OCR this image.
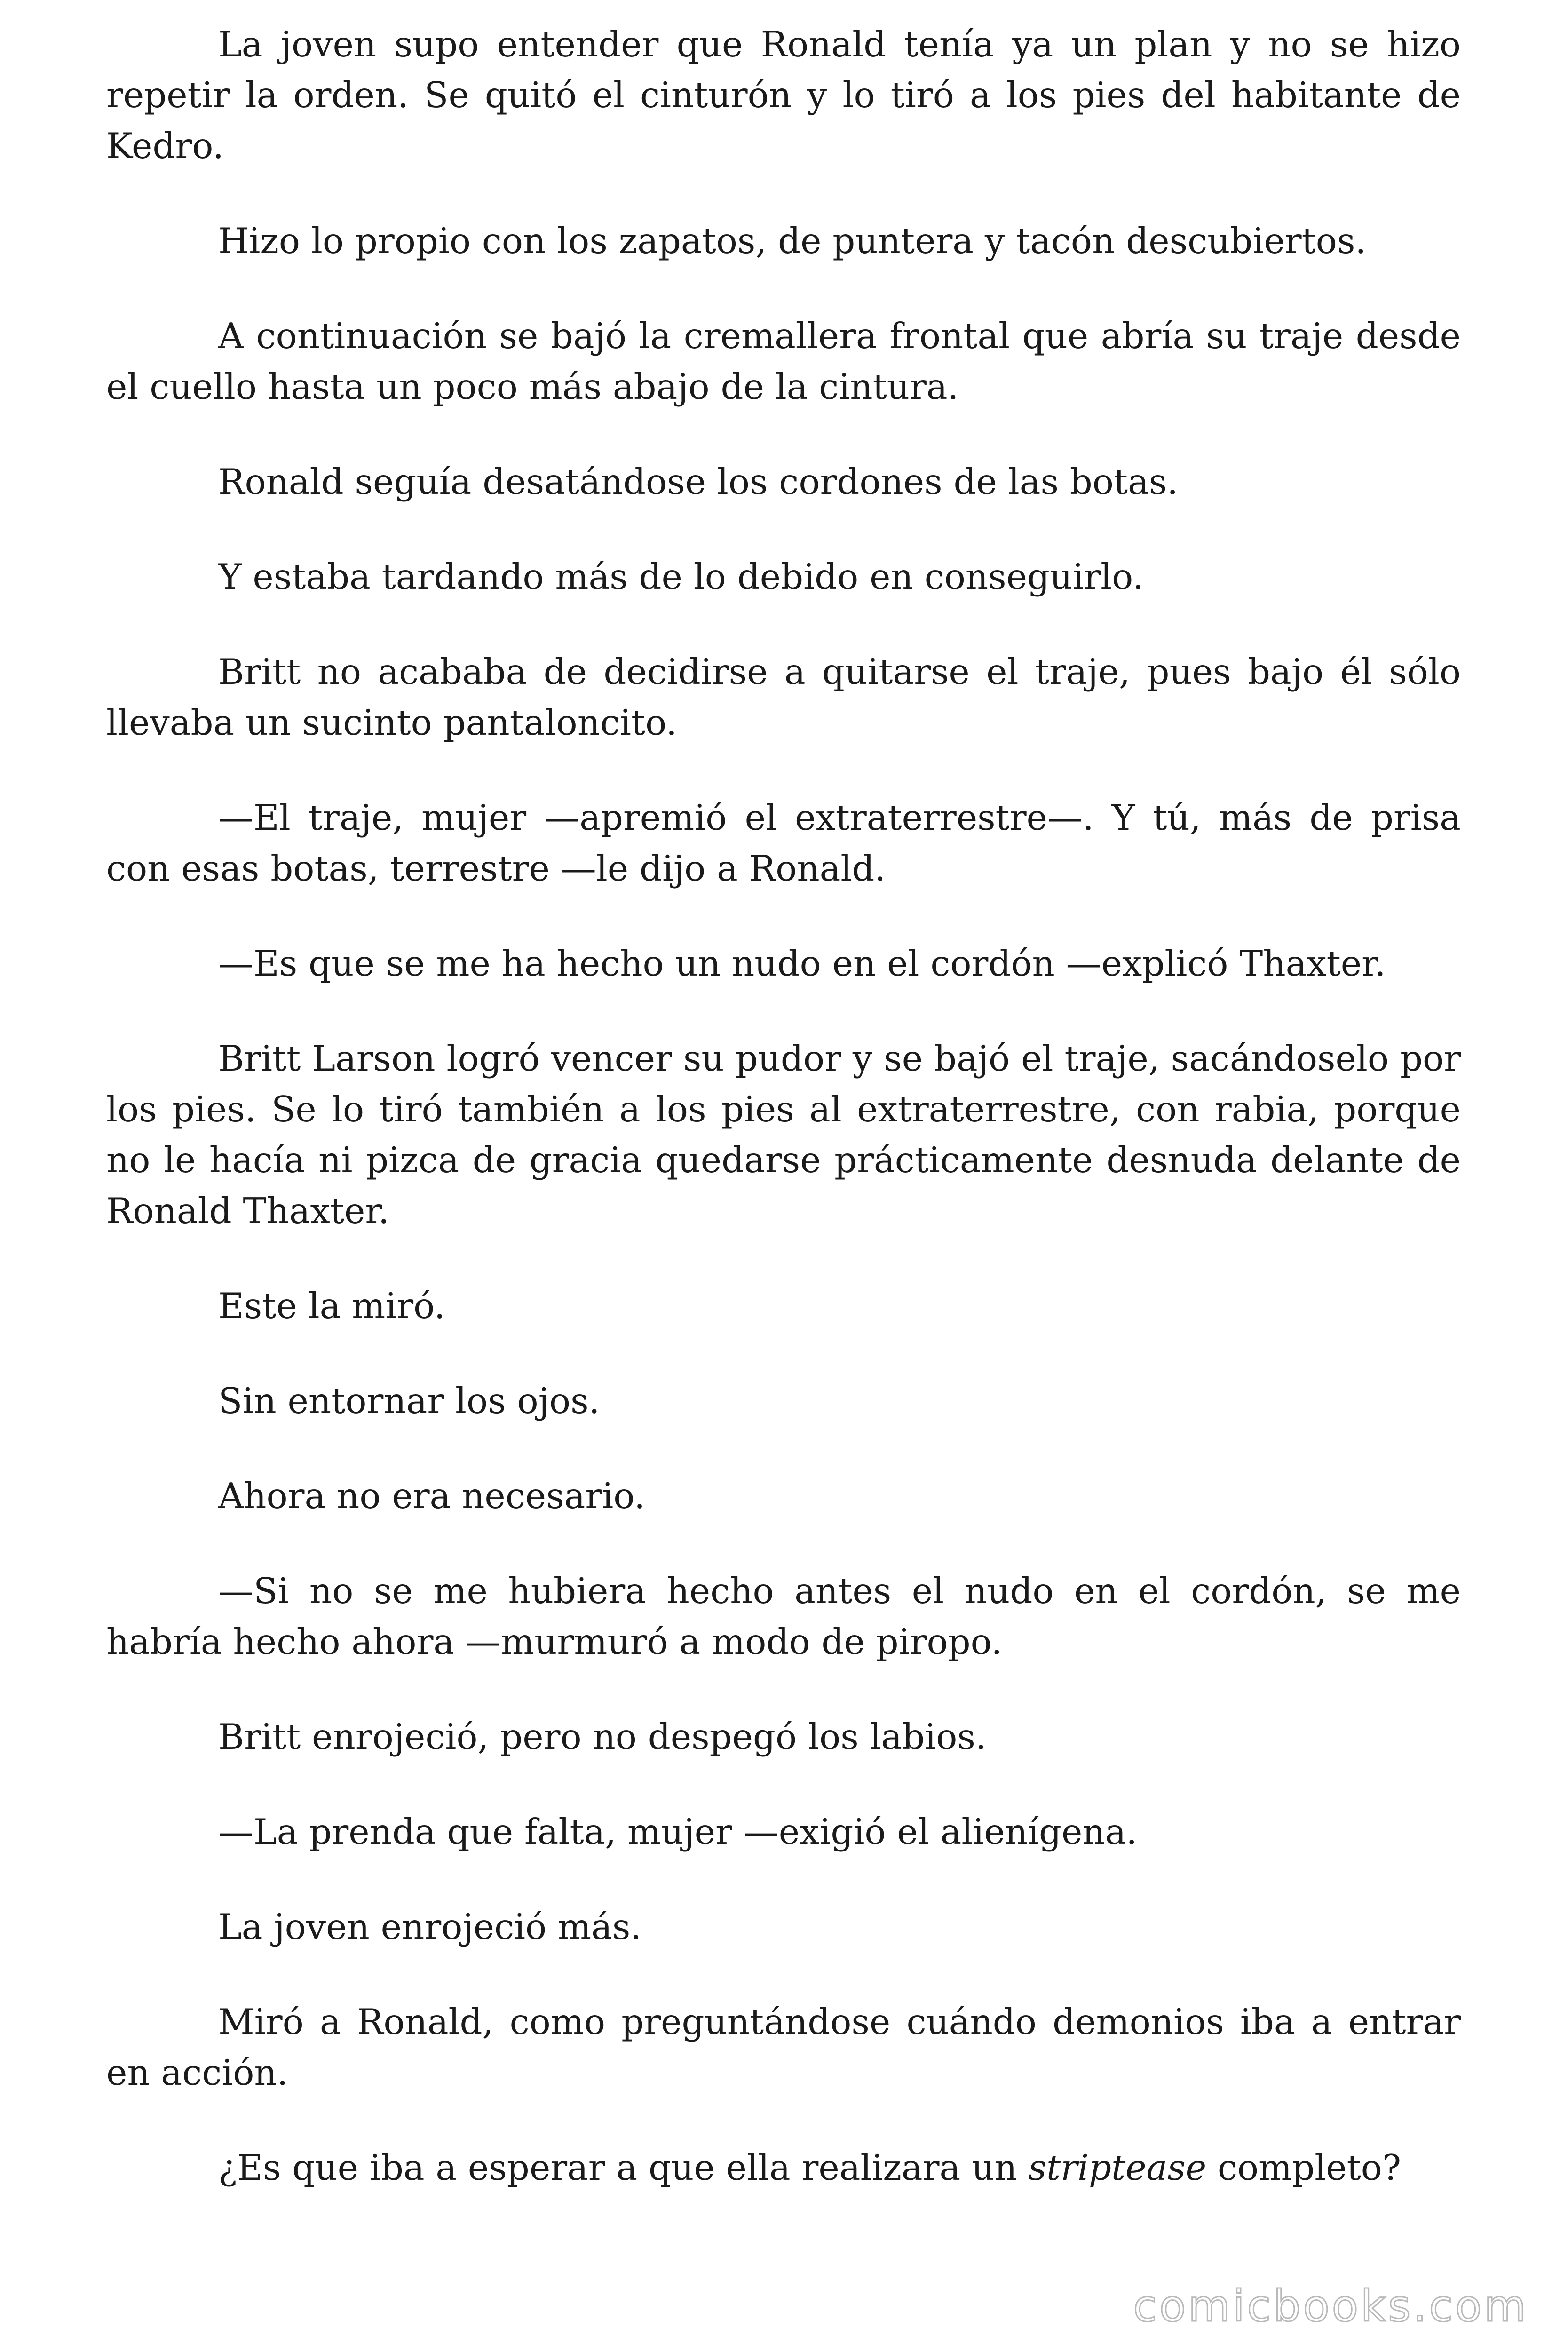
La joven supo entender que Ronald tenía ya un plan y no se hizo repetir la orden. Se quitó el cinturón y lo tiró a los pies del habitante de Kedro.

Hizo lo propio con los zapatos, de puntera y tacón descubiertos.

A continuación se bajó la cremallera frontal que abría su traje desde el cuello hasta un poco más abajo de la cintura.

Ronald seguía desatándose los cordones de las botas.

Y estaba tardando más de lo debido en conseguirlo.

Britt no acababa de decidirse a quitarse el traje, pues bajo él sólo llevaba un sucinto pantaloncito.

—El traje, mujer —apremió el extraterrestre—. Y tú, más de prisa con esas botas, terrestre —le dijo a Ronald.

—Es que se me ha hecho un nudo en el cordón —explicó Thaxter.

Britt Larson logró vencer su pudor y se bajó el traje, sacándoselo por los pies. Se lo tiró también a los pies al extraterrestre, con rabia, porque no le hacía ni pizca de gracia quedarse prácticamente desnuda delante de Ronald Thaxter.

Este la miró.

Sin entornar los ojos.

Ahora no era necesario.

—Si no se me hubiera hecho antes el nudo en el cordón, se me habría hecho ahora —murmuró a modo de piropo.

Britt enrojeció, pero no despegó los labios.

—La prenda que falta, mujer —exigió el alienígena.

La joven enrojeció más.

Miró a Ronald, como preguntándose cuándo demonios iba a entrar en acción.

¿Es que iba a esperar a que ella realizara un striptease completo?

comicbooks.com
